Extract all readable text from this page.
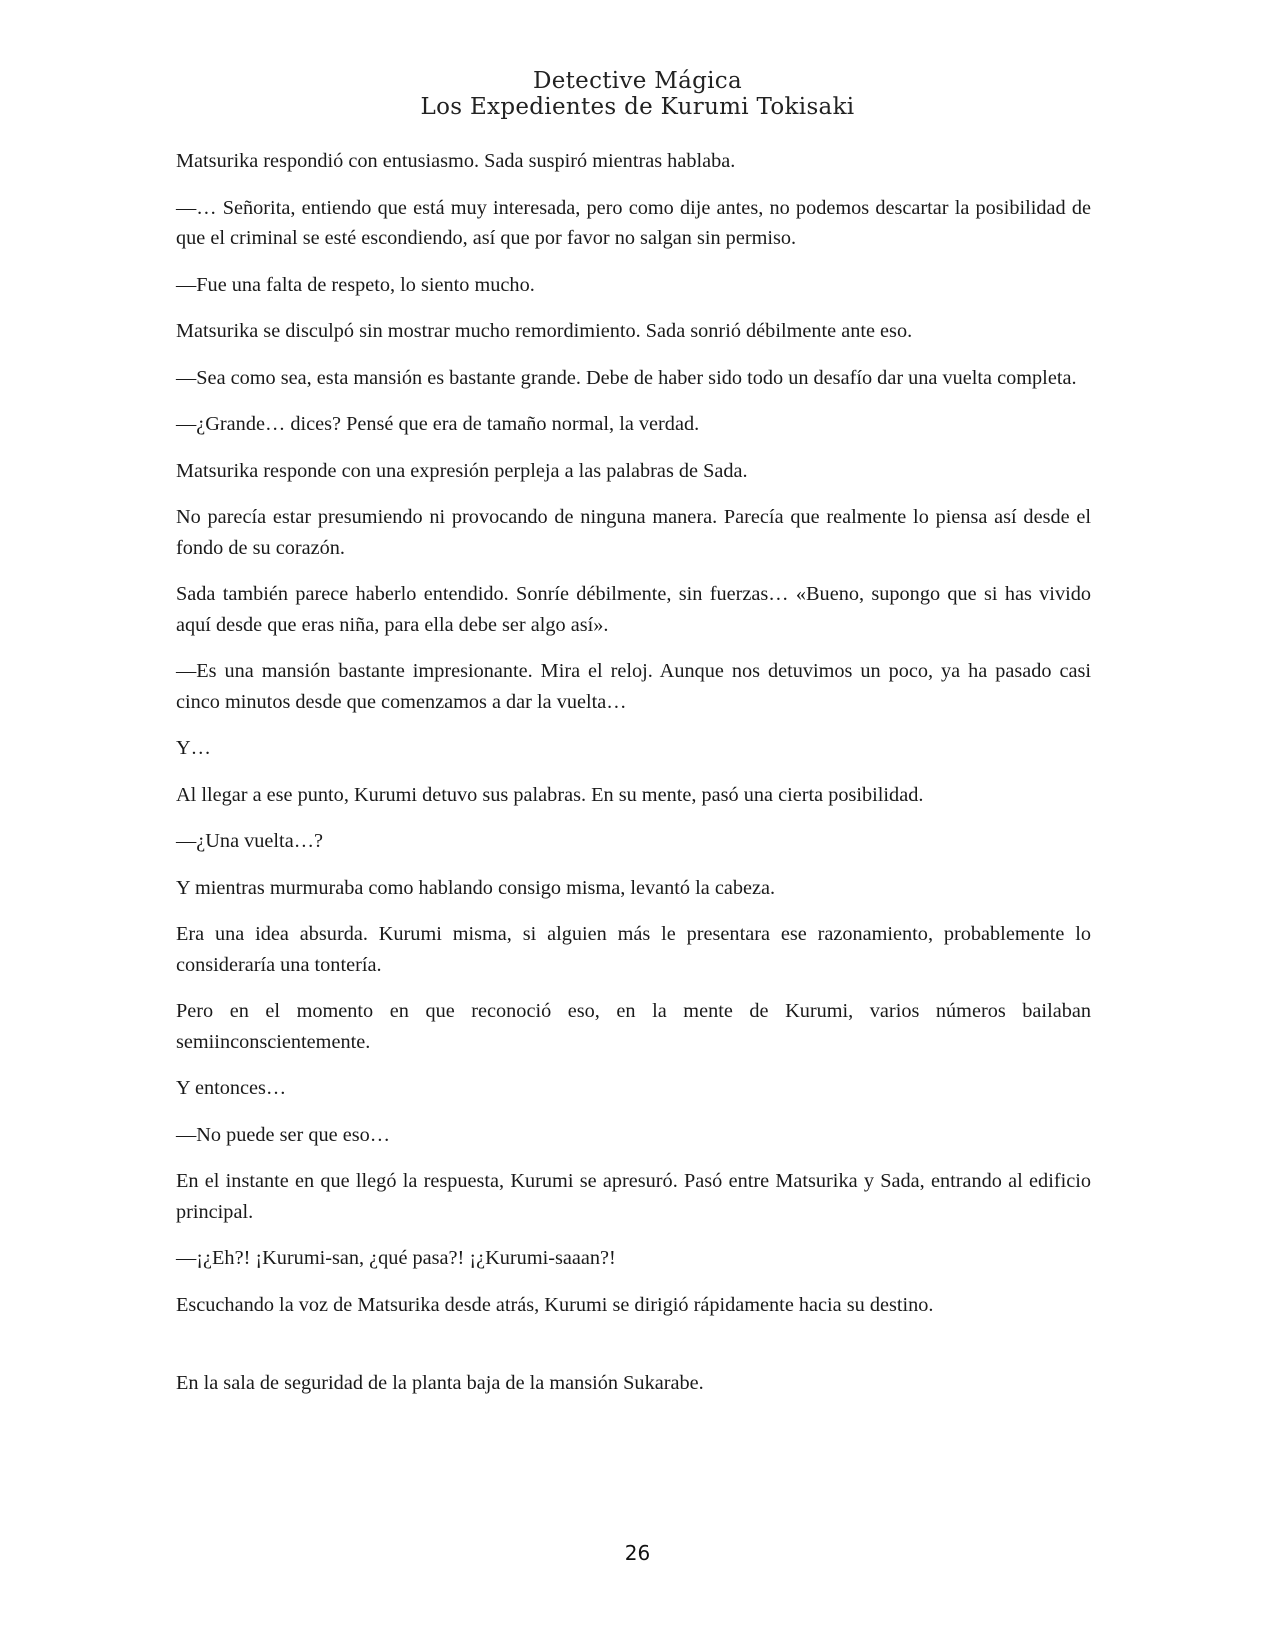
Detective Mágica
Los Expedientes de Kurumi Tokisaki

Matsurika respondió con entusiasmo. Sada suspiró mientras hablaba.

—… Señorita, entiendo que está muy interesada, pero como dije antes, no podemos descartar la posibilidad de que el criminal se esté escondiendo, así que por favor no salgan sin permiso.

—Fue una falta de respeto, lo siento mucho.

Matsurika se disculpó sin mostrar mucho remordimiento. Sada sonrió débilmente ante eso.

—Sea como sea, esta mansión es bastante grande. Debe de haber sido todo un desafío dar una vuelta completa.

—¿Grande… dices? Pensé que era de tamaño normal, la verdad.

Matsurika responde con una expresión perpleja a las palabras de Sada.

No parecía estar presumiendo ni provocando de ninguna manera. Parecía que realmente lo piensa así desde el fondo de su corazón.

Sada también parece haberlo entendido. Sonríe débilmente, sin fuerzas… «Bueno, supongo que si has vivido aquí desde que eras niña, para ella debe ser algo así».

—Es una mansión bastante impresionante. Mira el reloj. Aunque nos detuvimos un poco, ya ha pasado casi cinco minutos desde que comenzamos a dar la vuelta…

Y…

Al llegar a ese punto, Kurumi detuvo sus palabras. En su mente, pasó una cierta posibilidad.

—¿Una vuelta…?

Y mientras murmuraba como hablando consigo misma, levantó la cabeza.

Era una idea absurda. Kurumi misma, si alguien más le presentara ese razonamiento, probablemente lo consideraría una tontería.

Pero en el momento en que reconoció eso, en la mente de Kurumi, varios números bailaban semiinconscientemente.

Y entonces…

—No puede ser que eso…

En el instante en que llegó la respuesta, Kurumi se apresuró. Pasó entre Matsurika y Sada, entrando al edificio principal.

—¡¿Eh?! ¡Kurumi-san, ¿qué pasa?! ¡¿Kurumi-saaan?!

Escuchando la voz de Matsurika desde atrás, Kurumi se dirigió rápidamente hacia su destino.

En la sala de seguridad de la planta baja de la mansión Sukarabe.

26
